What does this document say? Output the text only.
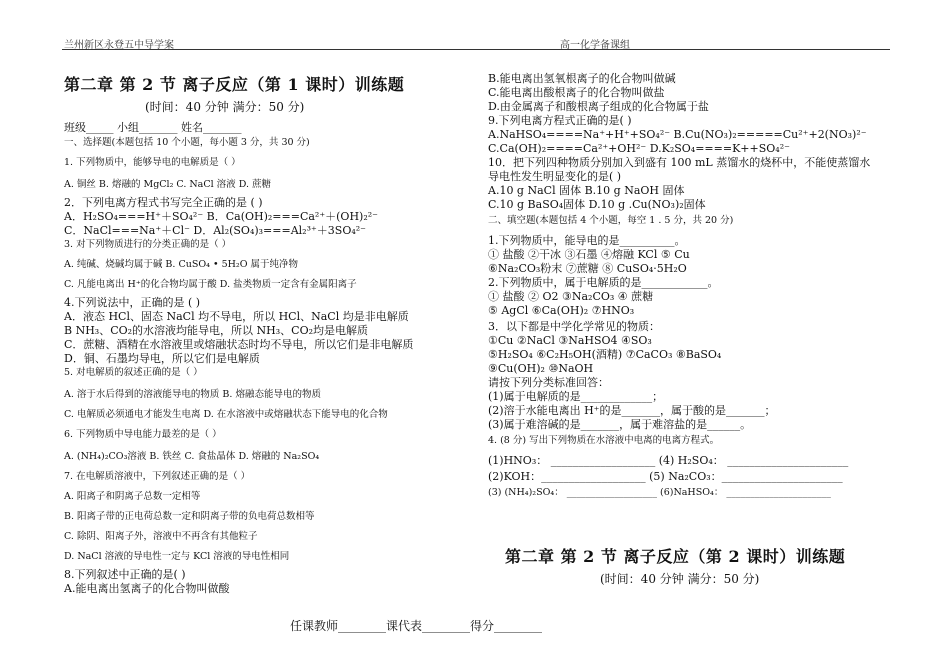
兰州新区永登五中导学案	高一化学备课组

第二章 第 2 节 离子反应（第 1 课时）训练题

(时间：40 分钟 满分：50 分)

班级_____ 小组_______ 姓名_______

一、选择题(本题包括 10 个小题，每小题 3 分，共 30 分)

1. 下列物质中，能够导电的电解质是（ ）

A. 铜丝 B. 熔融的 MgCl₂ C. NaCl 溶液 D. 蔗糖

2．下列电离方程式书写完全正确的是 ( )

A．H₂SO₄===H⁺＋SO₄²⁻ B．Ca(OH)₂===Ca²⁺＋(OH)₂²⁻

C．NaCl===Na⁺＋Cl⁻ D．Al₂(SO₄)₃===Al₂³⁺＋3SO₄²⁻

3. 对下列物质进行的分类正确的是（ ）

A. 纯碱、烧碱均属于碱 B. CuSO₄ • 5H₂O 属于纯净物

C. 凡能电离出 H⁺的化合物均属于酸 D. 盐类物质一定含有金属阳离子

4.下列说法中，正确的是 ( )

A．液态 HCl、固态 NaCl 均不导电，所以 HCl、NaCl 均是非电解质

B NH₃、CO₂的水溶液均能导电，所以 NH₃、CO₂均是电解质

C．蔗糖、酒精在水溶液里或熔融状态时均不导电，所以它们是非电解质

D．铜、石墨均导电，所以它们是电解质

5. 对电解质的叙述正确的是（ ）

A. 溶于水后得到的溶液能导电的物质 B. 熔融态能导电的物质

C. 电解质必须通电才能发生电离 D. 在水溶液中或熔融状态下能导电的化合物

6. 下列物质中导电能力最差的是（ ）

A. (NH₄)₂CO₃溶液 B. 铁丝 C. 食盐晶体 D. 熔融的 Na₂SO₄

7. 在电解质溶液中，下列叙述正确的是（ ）

A. 阳离子和阴离子总数一定相等

B. 阳离子带的正电荷总数一定和阴离子带的负电荷总数相等

C. 除阴、阳离子外，溶液中不再含有其他粒子

D. NaCl 溶液的导电性一定与 KCl 溶液的导电性相同

8.下列叙述中正确的是( )

A.能电离出氢离子的化合物叫做酸

B.能电离出氢氧根离子的化合物叫做碱

C.能电离出酸根离子的化合物叫做盐

D.由金属离子和酸根离子组成的化合物属于盐

9.下列电离方程式正确的是( )

A.NaHSO₄====Na⁺+H⁺+SO₄²⁻ B.Cu(NO₃)₂=====Cu²⁺+2(NO₃)²⁻

C.Ca(OH)₂====Ca²⁺+OH²⁻ D.K₂SO₄====K++SO₄²⁻

10．把下列四种物质分别加入到盛有 100 mL 蒸馏水的烧杯中，不能使蒸馏水

导电性发生明显变化的是( )

A.10 g NaCl 固体 B.10 g NaOH 固体

C.10 g BaSO₄固体 D.10 g .Cu(NO₃)₂固体

二、填空题(本题包括 4 个小题，每空 1 . 5 分，共 20 分)

1.下列物质中，能导电的是__________。

① 盐酸 ②干冰 ③石墨 ④熔融 KCl ⑤ Cu

⑥Na₂CO₃粉末 ⑦蔗糖 ⑧ CuSO₄·5H₂O

2.下列物质中，属于电解质的是____________。

① 盐酸 ② O2 ③Na₂CO₃ ④ 蔗糖

⑤ AgCl ⑥Ca(OH)₂ ⑦HNO₃

3．以下都是中学化学常见的物质：

①Cu ②NaCl ③NaHSO4 ④SO₃

⑤H₂SO₄ ⑥C₂H₅OH(酒精) ⑦CaCO₃ ⑧BaSO₄

⑨Cu(OH)₂ ⑩NaOH

请按下列分类标准回答：

(1)属于电解质的是_____________；

(2)溶于水能电离出 H⁺的是_______，属于酸的是_______；

(3)属于难溶碱的是_______，属于难溶盐的是______。

4. (8 分) 写出下列物质在水溶液中电离的电离方程式。

(1)HNO₃： ___________________ (4) H₂SO₄： ______________________

(2)KOH：___________________ (5) Na₂CO₃：______________________

(3) (NH₄)₂SO₄： ___________________ (6)NaHSO₄： ______________________

第二章 第 2 节 离子反应（第 2 课时）训练题

(时间：40 分钟 满分：50 分)

任课教师________课代表________得分________
